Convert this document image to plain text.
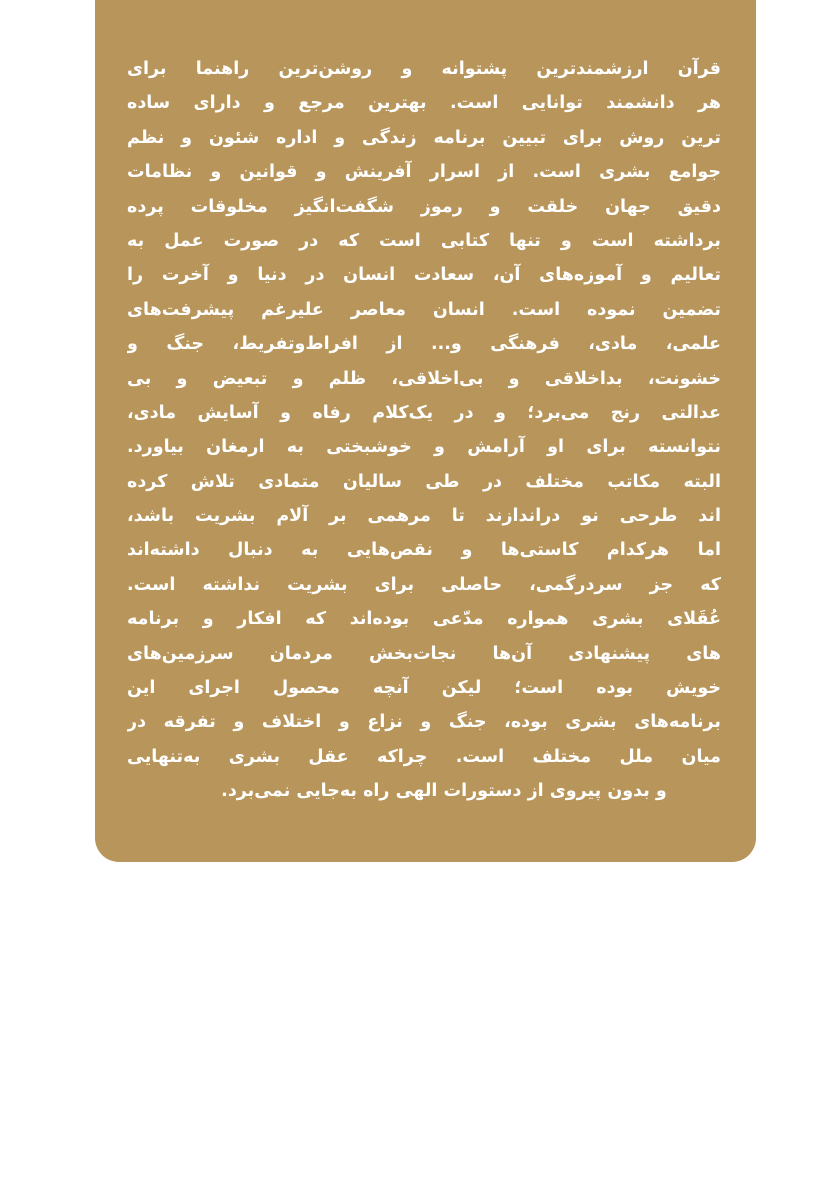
قرآن ارزشمندترین پشتوانه و روشن‌ترین راهنما برای
هر دانشمند توانایی است. بهترین مرجع و دارای ساده
ترین روش برای تبیین برنامه زندگی و اداره شئون و نظم
جوامع بشری است. از اسرار آفرینش و قوانین و نظامات
دقیق جهان خلقت و رموز شگفت‌انگیز مخلوقات پرده
برداشته است و تنها کتابی است که در صورت عمل به
تعالیم و آموزه‌های آن، سعادت انسان در دنیا و آخرت را
تضمین نموده است. انسان معاصر علیرغم پیشرفت‌های
علمی، مادی، فرهنگی و... از افراط‌وتفریط، جنگ و
خشونت، بداخلاقی و بی‌اخلاقی، ظلم و تبعیض و بی
عدالتی رنج می‌برد؛ و در یک‌کلام رفاه و آسایش مادی،
نتوانسته برای او آرامش و خوشبختی به ارمغان بیاورد.
البته مکاتب مختلف در طی سالیان متمادی تلاش کرده
اند طرحی نو دراندازند تا مرهمی بر آلام بشریت باشد،
اما هرکدام کاستی‌ها و نقص‌هایی به دنبال داشته‌اند
که جز سردرگمی، حاصلی برای بشریت نداشته است.
عُقَلای بشری همواره مدّعی بوده‌اند که افکار و برنامه
های پیشنهادی آن‌ها نجات‌بخش مردمان سرزمین‌های
خویش بوده است؛ لیکن آنچه محصول اجرای این
برنامه‌های بشری بوده، جنگ و نزاع و اختلاف و تفرقه در
میان ملل مختلف است. چراکه عقل بشری به‌تنهایی
و بدون پیروی از دستورات الهی راه به‌جایی نمی‌برد.
